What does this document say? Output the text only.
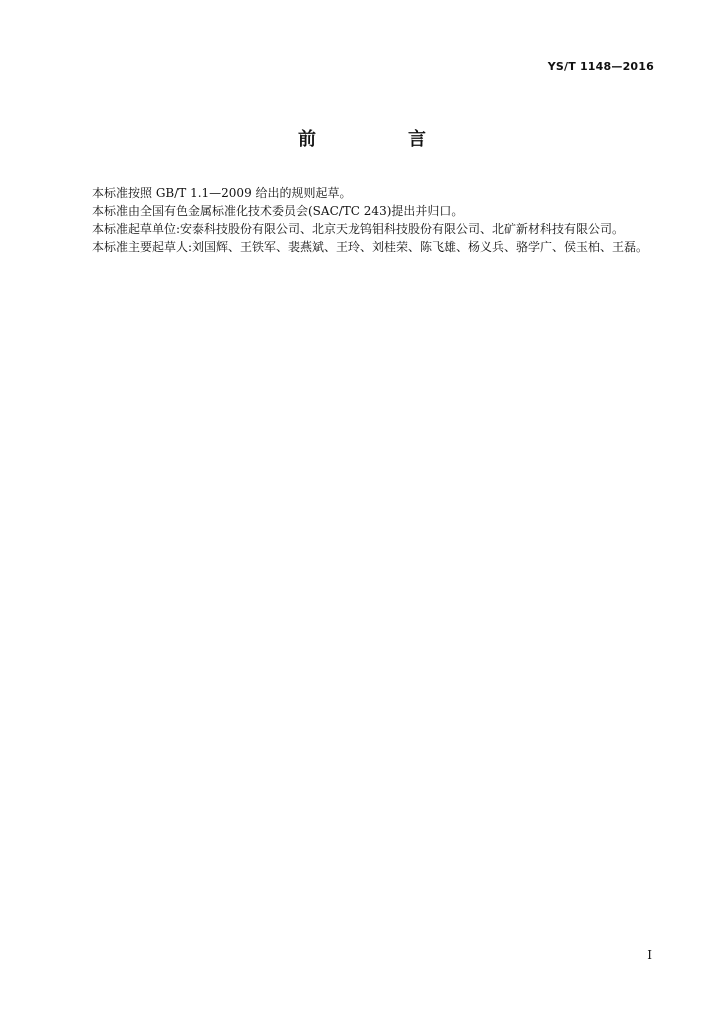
YS/T 1148—2016
前　言

本标准按照 GB/T 1.1—2009 给出的规则起草。

本标准由全国有色金属标准化技术委员会(SAC/TC 243)提出并归口。

本标准起草单位:安泰科技股份有限公司、北京天龙钨钼科技股份有限公司、北矿新材科技有限公司。

本标准主要起草人:刘国辉、王铁军、裴燕斌、王玲、刘桂荣、陈飞雄、杨义兵、骆学广、侯玉柏、王磊。

I
